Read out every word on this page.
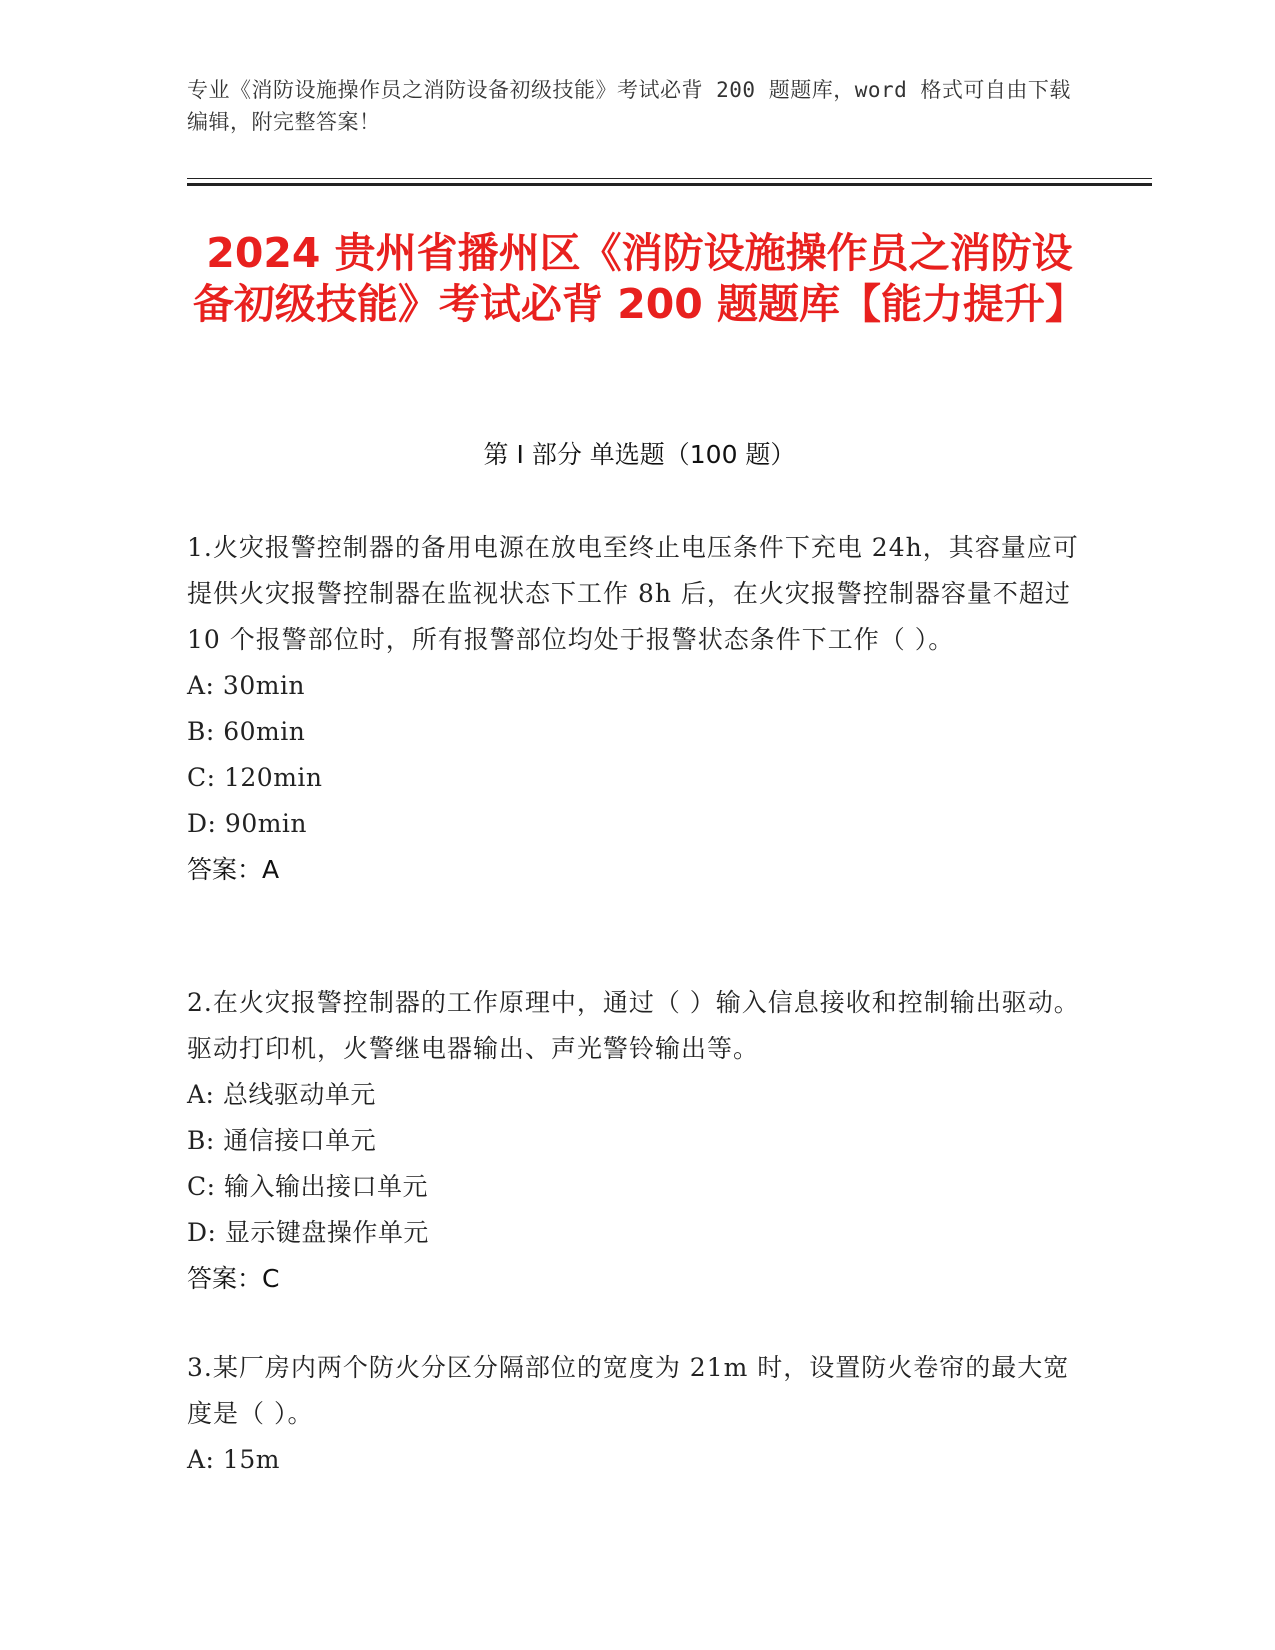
专业《消防设施操作员之消防设备初级技能》考试必背 200 题题库，word 格式可自由下载编辑，附完整答案！
2024 贵州省播州区《消防设施操作员之消防设备初级技能》考试必背 200 题题库【能力提升】
第 I 部分 单选题（100 题）
1.火灾报警控制器的备用电源在放电至终止电压条件下充电 24h，其容量应可提供火灾报警控制器在监视状态下工作 8h 后，在火灾报警控制器容量不超过 10 个报警部位时，所有报警部位均处于报警状态条件下工作（ ）。
A: 30min
B: 60min
C: 120min
D: 90min
答案：A
2.在火灾报警控制器的工作原理中，通过（ ）输入信息接收和控制输出驱动。驱动打印机，火警继电器输出、声光警铃输出等。
A: 总线驱动单元
B: 通信接口单元
C: 输入输出接口单元
D: 显示键盘操作单元
答案：C
3.某厂房内两个防火分区分隔部位的宽度为 21m 时，设置防火卷帘的最大宽度是（ ）。
A: 15m
